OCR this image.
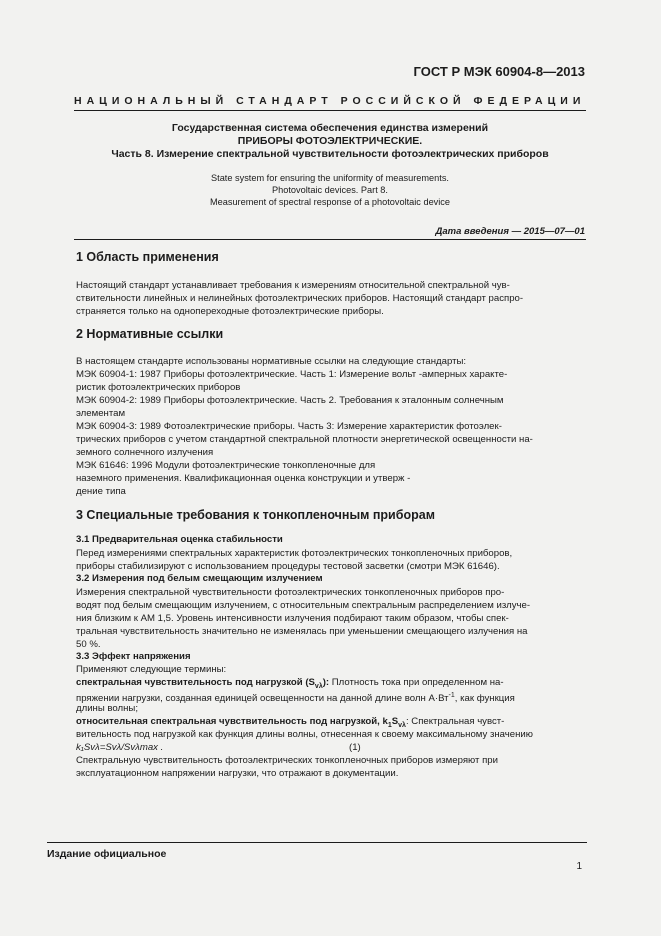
ГОСТ Р МЭК 60904-8—2013
НАЦИОНАЛЬНЫЙ СТАНДАРТ РОССИЙСКОЙ ФЕДЕРАЦИИ
Государственная система обеспечения единства измерений
ПРИБОРЫ ФОТОЭЛЕКТРИЧЕСКИЕ.
Часть 8. Измерение спектральной чувствительности фотоэлектрических приборов
State system for ensuring the uniformity of measurements.
Photovoltaic devices. Part 8.
Measurement of spectral response of a photovoltaic device
Дата введения — 2015—07—01
1 Область применения
Настоящий стандарт устанавливает требования к измерениям относительной спектральной чув-
ствительности линейных и нелинейных фотоэлектрических приборов. Настоящий стандарт распро-
страняется только на однопереходные фотоэлектрические приборы.
2 Нормативные ссылки
В настоящем стандарте использованы нормативные ссылки на следующие стандарты:
МЭК 60904-1: 1987 Приборы фотоэлектрические. Часть 1: Измерение вольт -амперных характе-
ристик фотоэлектрических приборов
МЭК 60904-2: 1989 Приборы фотоэлектрические. Часть 2. Требования к эталонным солнечным
элементам
МЭК 60904-3: 1989 Фотоэлектрические приборы. Часть 3: Измерение характеристик фотоэлек-
трических приборов с учетом стандартной спектральной плотности энергетической освещенности на-
земного солнечного излучения
МЭК 61646: 1996 Модули фотоэлектрические тонкопленочные для
наземного применения. Квалификационная оценка конструкции и утверж -
дение типа
3 Специальные требования к тонкопленочным приборам
3.1 Предварительная оценка стабильности
Перед измерениями спектральных характеристик фотоэлектрических тонкопленочных приборов,
приборы стабилизируют с использованием процедуры тестовой засветки (смотри МЭК 61646).
3.2 Измерения под белым смещающим излучением
Измерения спектральной чувствительности фотоэлектрических тонкопленочных приборов про-
водят под белым смещающим излучением, с относительным спектральным распределением излуче-
ния близким к АМ 1,5. Уровень интенсивности излучения подбирают таким образом, чтобы спек-
тральная чувствительность значительно не изменялась при уменьшении смещающего излучения на
50 %.
3.3 Эффект напряжения
Применяют следующие термины:
спектральная чувствительность под нагрузкой $(S_{v\lambda})$: Плотность тока при определенном на-
пряжении нагрузки, созданная единицей освещенности на данной длине волн $А\cdot Вт^{-1}$, как функция
длины волны;
относительная спектральная чувствительность под нагрузкой, $k_1S_{v\lambda}$: Спектральная чувст-
вительность под нагрузкой как функция длины волны, отнесенная к своему максимальному значению
k₁Svλ=Svλ/Svλmax .	(1)
Спектральную чувствительность фотоэлектрических тонкопленочных приборов измеряют при
эксплуатационном напряжении нагрузки, что отражают в документации.
Издание официальное
1
